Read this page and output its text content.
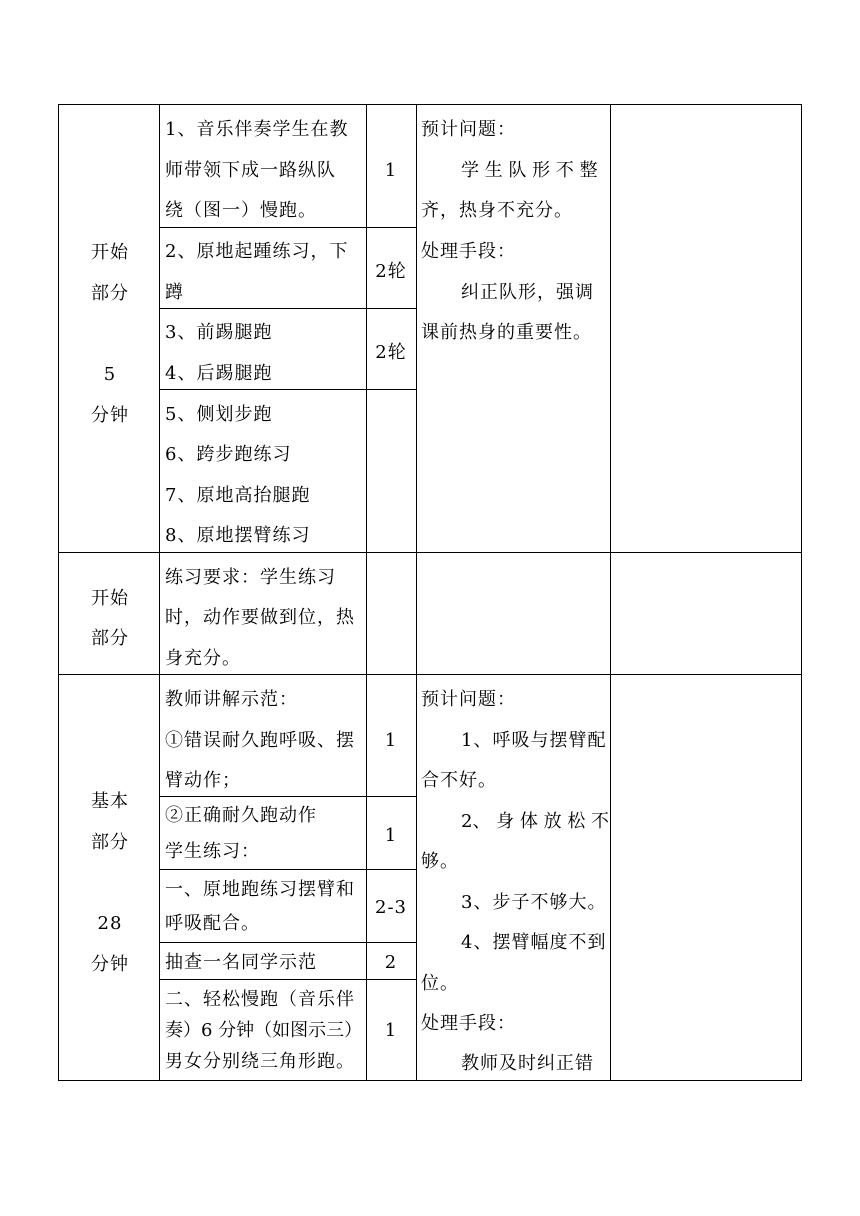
开始
部分
5
分钟
1、音乐伴奏学生在教
师带领下成一路纵队
绕（图一）慢跑。
1
2、原地起踵练习，下
蹲
2轮
3、前踢腿跑
4、后踢腿跑
2轮
5、侧划步跑
6、跨步跑练习
7、原地高抬腿跑
8、原地摆臂练习
预计问题：
学 生 队 形 不 整
齐，热身不充分。
处理手段：
纠正队形，强调
课前热身的重要性。
开始
部分
练习要求：学生练习
时，动作要做到位，热
身充分。
基本
部分
28
分钟
教师讲解示范：
①错误耐久跑呼吸、摆
臂动作；
1
②正确耐久跑动作
学生练习：
1
一、原地跑练习摆臂和
呼吸配合。
2-3
抽查一名同学示范	2
二、轻松慢跑（音乐伴
奏）6 分钟（如图示三）
男女分别绕三角形跑。
1
预计问题：
1、呼吸与摆臂配
合不好。
2、 身 体 放 松 不
够。
3、步子不够大。
4、摆臂幅度不到
位。
处理手段：
教师及时纠正错
